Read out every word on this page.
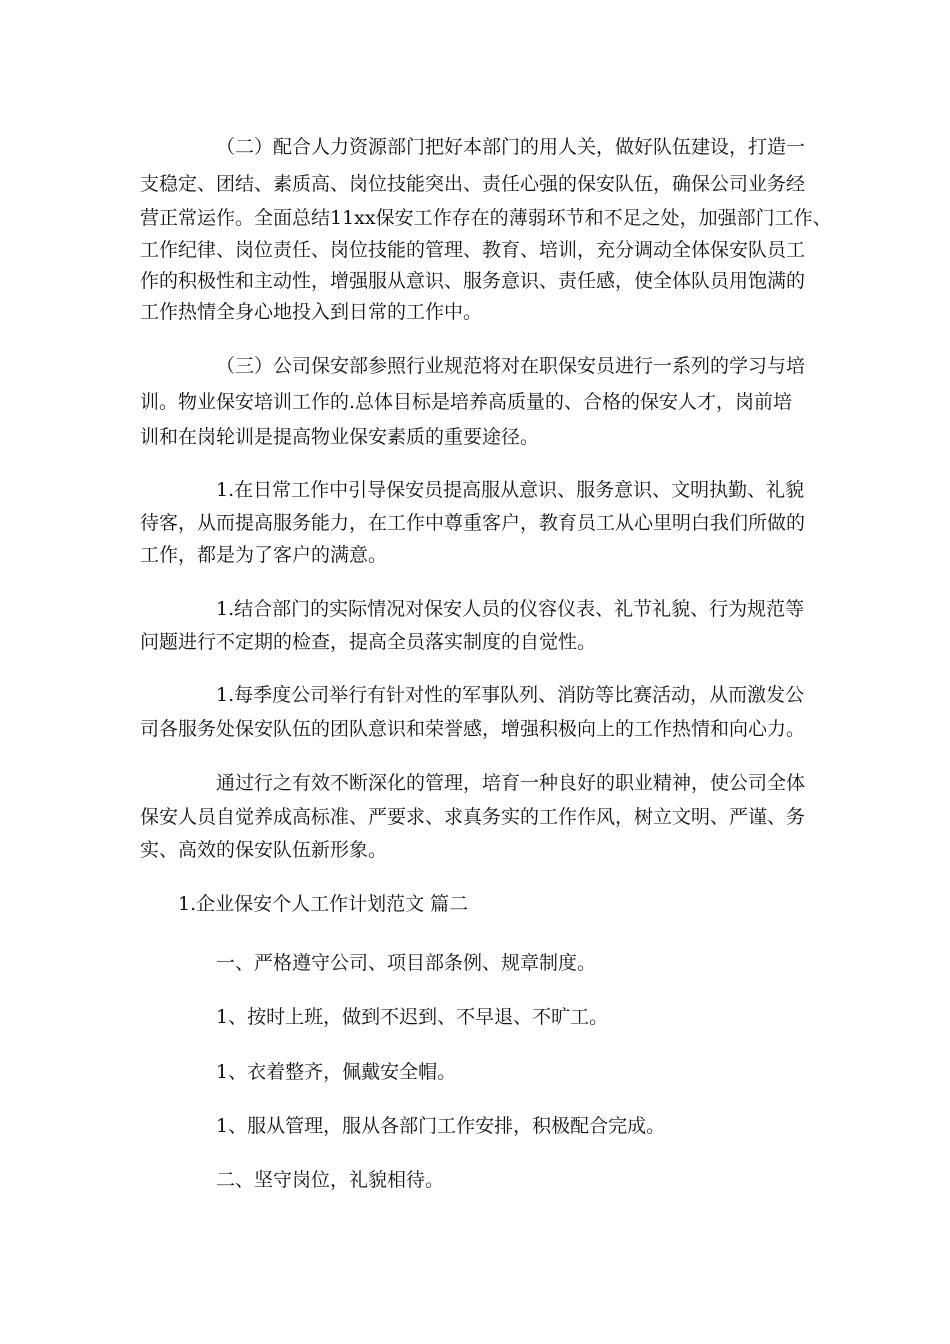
（二）配合人力资源部门把好本部门的用人关，做好队伍建设，打造一
支稳定、团结、素质高、岗位技能突出、责任心强的保安队伍，确保公司业务经
营正常运作。全面总结11xx保安工作存在的薄弱环节和不足之处，加强部门工作、
工作纪律、岗位责任、岗位技能的管理、教育、培训，充分调动全体保安队员工
作的积极性和主动性，增强服从意识、服务意识、责任感，使全体队员用饱满的
工作热情全身心地投入到日常的工作中。
（三）公司保安部参照行业规范将对在职保安员进行一系列的学习与培
训。物业保安培训工作的.总体目标是培养高质量的、合格的保安人才，岗前培
训和在岗轮训是提高物业保安素质的重要途径。
1.在日常工作中引导保安员提高服从意识、服务意识、文明执勤、礼貌
待客，从而提高服务能力，在工作中尊重客户，教育员工从心里明白我们所做的
工作，都是为了客户的满意。
1.结合部门的实际情况对保安人员的仪容仪表、礼节礼貌、行为规范等
问题进行不定期的检查，提高全员落实制度的自觉性。
1.每季度公司举行有针对性的军事队列、消防等比赛活动，从而激发公
司各服务处保安队伍的团队意识和荣誉感，增强积极向上的工作热情和向心力。
通过行之有效不断深化的管理，培育一种良好的职业精神，使公司全体
保安人员自觉养成高标准、严要求、求真务实的工作作风，树立文明、严谨、务
实、高效的保安队伍新形象。
1.企业保安个人工作计划范文 篇二
一、严格遵守公司、项目部条例、规章制度。
1、按时上班，做到不迟到、不早退、不旷工。
1、衣着整齐，佩戴安全帽。
1、服从管理，服从各部门工作安排，积极配合完成。
二、坚守岗位，礼貌相待。
